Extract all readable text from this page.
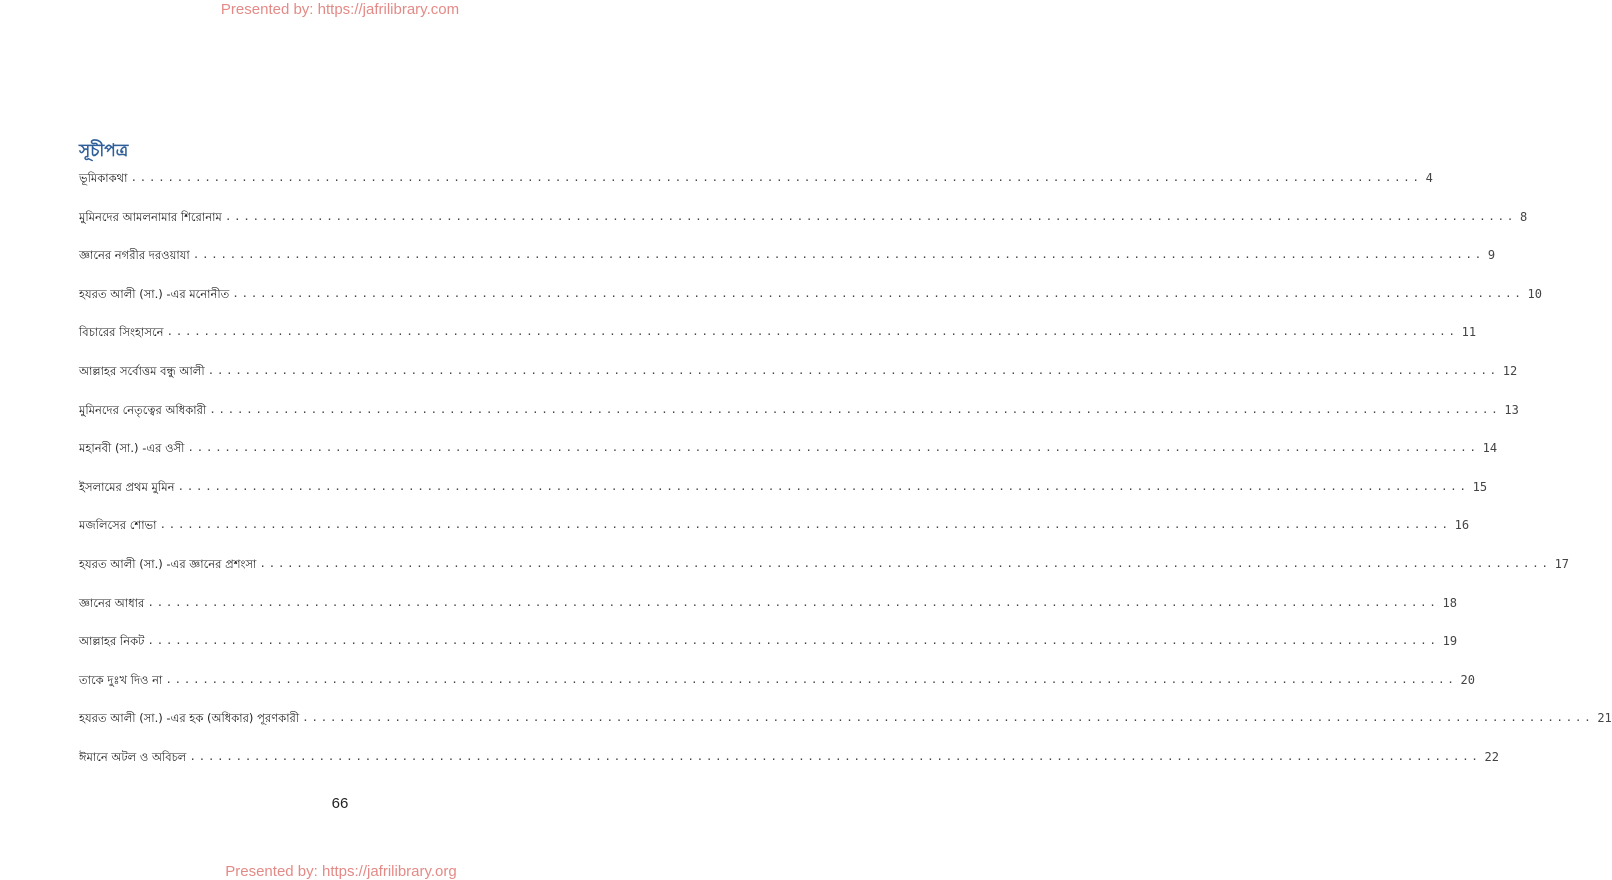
Presented by: https://jafrilibrary.com
সূচীপত্র
ভূমিকাকথা ............................................................................................................................................ 4
মুমিনদের আমলনামার শিরোনাম ............................................................................................................................................ 8
জ্ঞানের নগরীর দরওয়াযা ............................................................................................................................................ 9
হযরত আলী (সা.) -এর মনোনীত ............................................................................................................................................ 10
বিচারের সিংহাসনে ............................................................................................................................................ 11
আল্লাহর সর্বোত্তম বন্ধু আলী ............................................................................................................................................ 12
মুমিনদের নেতৃত্বের অধিকারী ............................................................................................................................................ 13
মহানবী (সা.) -এর ওসী ............................................................................................................................................ 14
ইসলামের প্রথম মুমিন ............................................................................................................................................ 15
মজলিসের শোভা ............................................................................................................................................ 16
হযরত আলী (সা.) -এর জ্ঞানের প্রশংসা ............................................................................................................................................ 17
জ্ঞানের আধার ............................................................................................................................................ 18
আল্লাহর নিকট ............................................................................................................................................ 19
তাকে দুঃখ দিও না ............................................................................................................................................ 20
হযরত আলী (সা.) -এর হক (অধিকার) পূরণকারী ............................................................................................................................................ 21
ঈমানে অটল ও অবিচল ............................................................................................................................................ 22
66
Presented by: https://jafrilibrary.org
